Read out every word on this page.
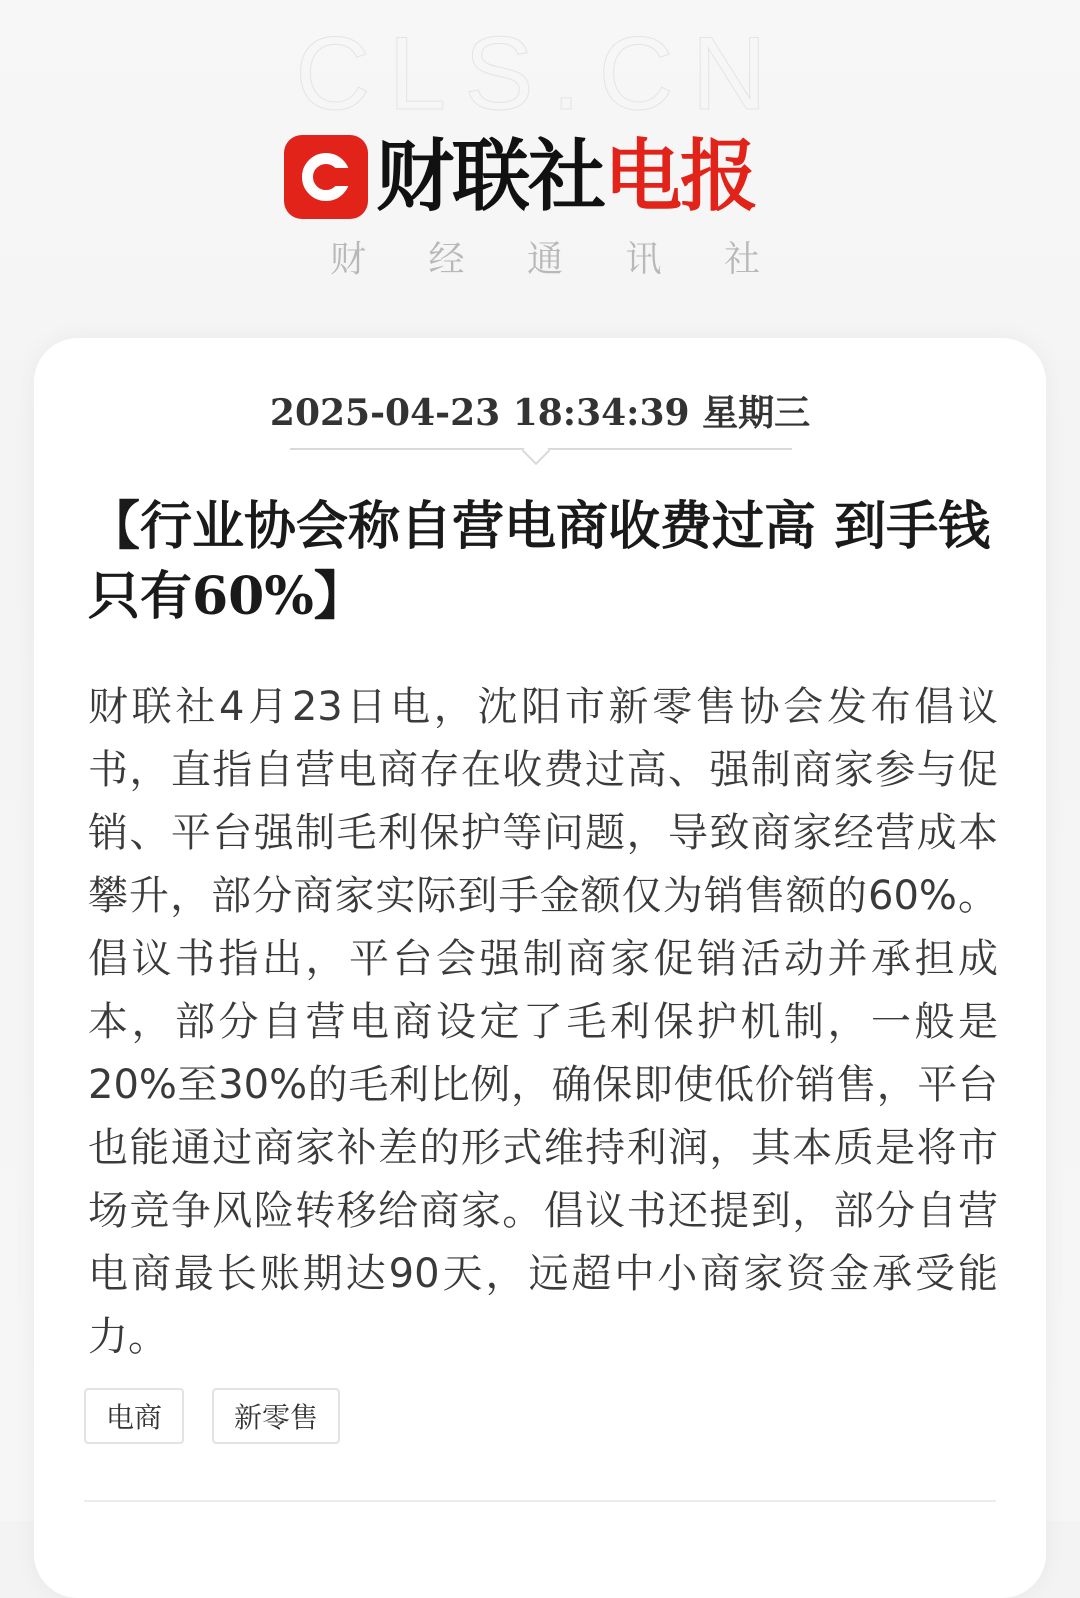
CLS.CN
财联社 电报
财 经 通 讯 社
2025-04-23 18:34:39 星期三
【行业协会称自营电商收费过高 到手钱只有60%】
财联社4月23日电，沈阳市新零售协会发布倡议书，直指自营电商存在收费过高、强制商家参与促销、平台强制毛利保护等问题，导致商家经营成本攀升，部分商家实际到手金额仅为销售额的60%。倡议书指出，平台会强制商家促销活动并承担成本，部分自营电商设定了毛利保护机制，一般是20%至30%的毛利比例，确保即使低价销售，平台也能通过商家补差的形式维持利润，其本质是将市场竞争风险转移给商家。倡议书还提到，部分自营电商最长账期达90天，远超中小商家资金承受能力。
电商	新零售
